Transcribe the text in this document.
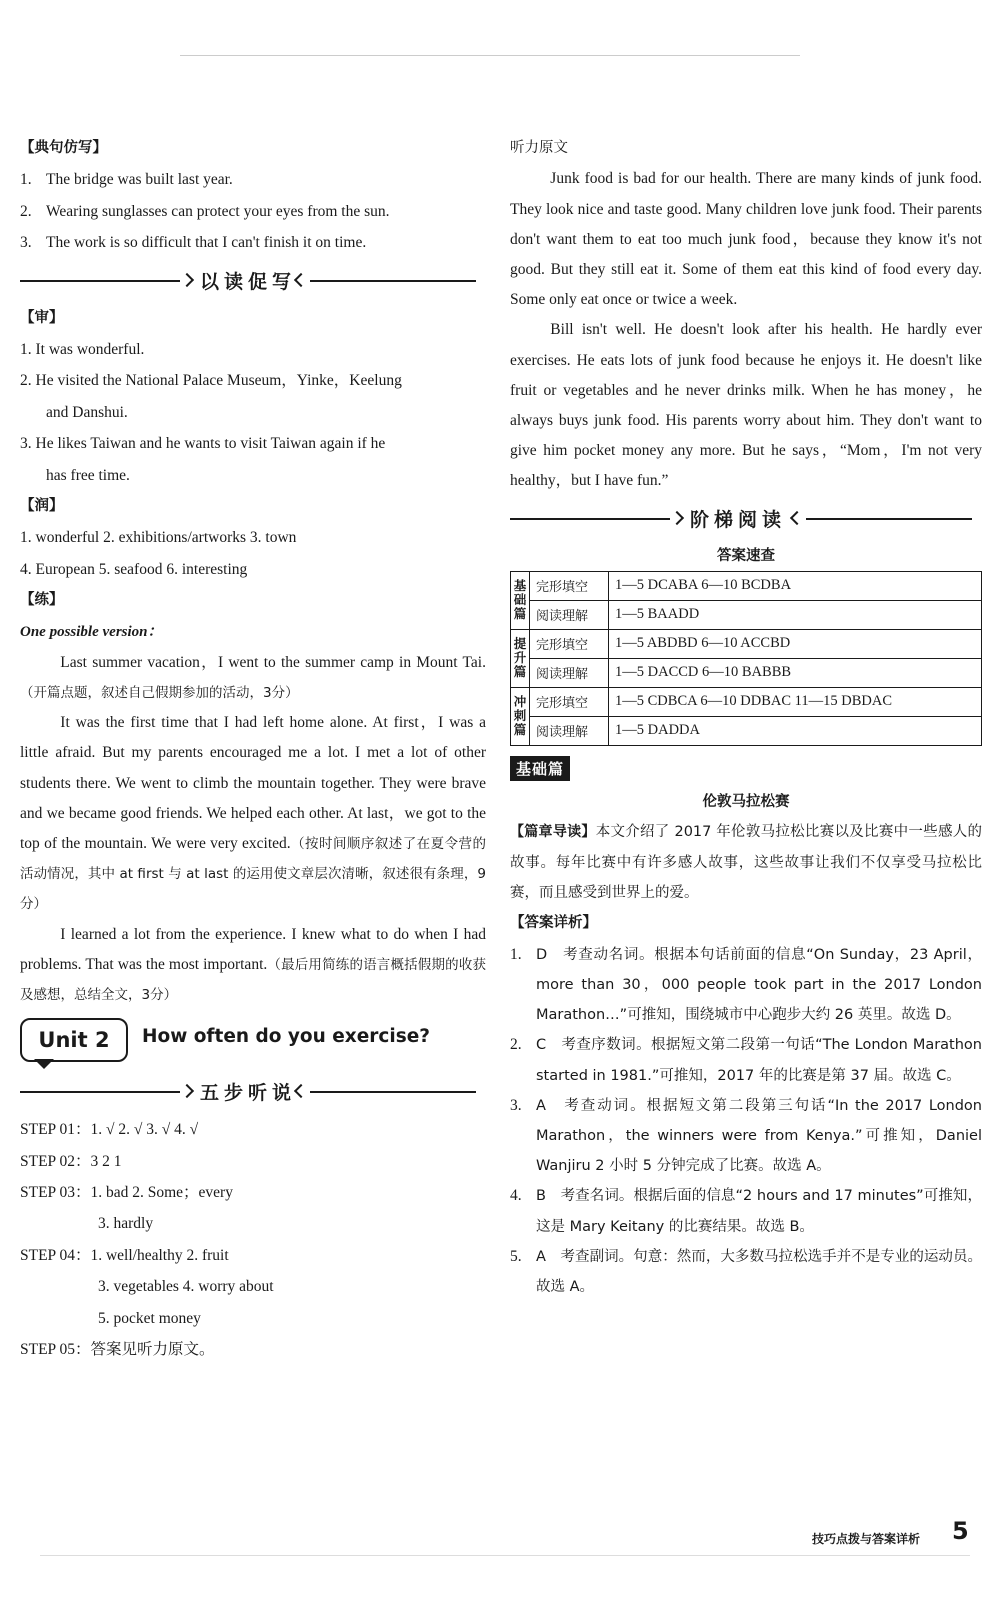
【典句仿写】
1. The bridge was built last year.
2. Wearing sunglasses can protect your eyes from the sun.
3. The work is so difficult that I can't finish it on time.
以读促写
【审】
1. It was wonderful.
2. He visited the National Palace Museum，Yinke，Keelung
and Danshui.
3. He likes Taiwan and he wants to visit Taiwan again if he
has free time.
【润】
1. wonderful 2. exhibitions/artworks 3. town
4. European 5. seafood 6. interesting
【练】
One possible version：
Last summer vacation，I went to the summer camp in Mount Tai.（开篇点题，叙述自己假期参加的活动，3分）
It was the first time that I had left home alone. At first，I was a little afraid. But my parents encouraged me a lot. I met a lot of other students there. We went to climb the mountain together. They were brave and we became good friends. We helped each other. At last，we got to the top of the mountain. We were very excited.（按时间顺序叙述了在夏令营的活动情况，其中 at first 与 at last 的运用使文章层次清晰，叙述很有条理，9分）
I learned a lot from the experience. I knew what to do when I had problems. That was the most important.（最后用简练的语言概括假期的收获及感想，总结全文，3分）
Unit 2	How often do you exercise?
五步听说
STEP 01：1. √ 2. √ 3. √ 4. √
STEP 02：3 2 1
STEP 03：1. bad 2. Some；every
3. hardly
STEP 04：1. well/healthy 2. fruit
3. vegetables 4. worry about
5. pocket money
STEP 05：答案见听力原文。
听力原文
Junk food is bad for our health. There are many kinds of junk food. They look nice and taste good. Many children love junk food. Their parents don't want them to eat too much junk food，because they know it's not good. But they still eat it. Some of them eat this kind of food every day. Some only eat once or twice a week.
Bill isn't well. He doesn't look after his health. He hardly ever exercises. He eats lots of junk food because he enjoys it. He doesn't like fruit or vegetables and he never drinks milk. When he has money，he always buys junk food. His parents worry about him. They don't want to give him pocket money any more. But he says，“Mom，I'm not very healthy，but I have fun.”
阶梯阅读
答案速查
基础篇	完形填空	1—5 DCABA 6—10 BCDBA
	阅读理解	1—5 BAADD
提升篇	完形填空	1—5 ABDBD 6—10 ACCBD
	阅读理解	1—5 DACCD 6—10 BABBB
冲刺篇	完形填空	1—5 CDBCA 6—10 DDBAC 11—15 DBDAC
	阅读理解	1—5 DADDA
基础篇
伦敦马拉松赛
【篇章导读】本文介绍了 2017 年伦敦马拉松比赛以及比赛中一些感人的故事。每年比赛中有许多感人故事，这些故事让我们不仅享受马拉松比赛，而且感受到世界上的爱。
【答案详析】
1. D　考查动名词。根据本句话前面的信息“On Sunday，23 April，more than 30，000 people took part in the 2017 London Marathon…”可推知，围绕城市中心跑步大约 26 英里。故选 D。
2. C　考查序数词。根据短文第二段第一句话“The London Marathon started in 1981.”可推知，2017 年的比赛是第 37 届。故选 C。
3. A　考查动词。根据短文第二段第三句话“In the 2017 London Marathon，the winners were from Kenya.”可推知，Daniel Wanjiru 2 小时 5 分钟完成了比赛。故选 A。
4. B　考查名词。根据后面的信息“2 hours and 17 minutes”可推知，这是 Mary Keitany 的比赛结果。故选 B。
5. A　考查副词。句意：然而，大多数马拉松选手并不是专业的运动员。故选 A。
技巧点拨与答案详析 5
